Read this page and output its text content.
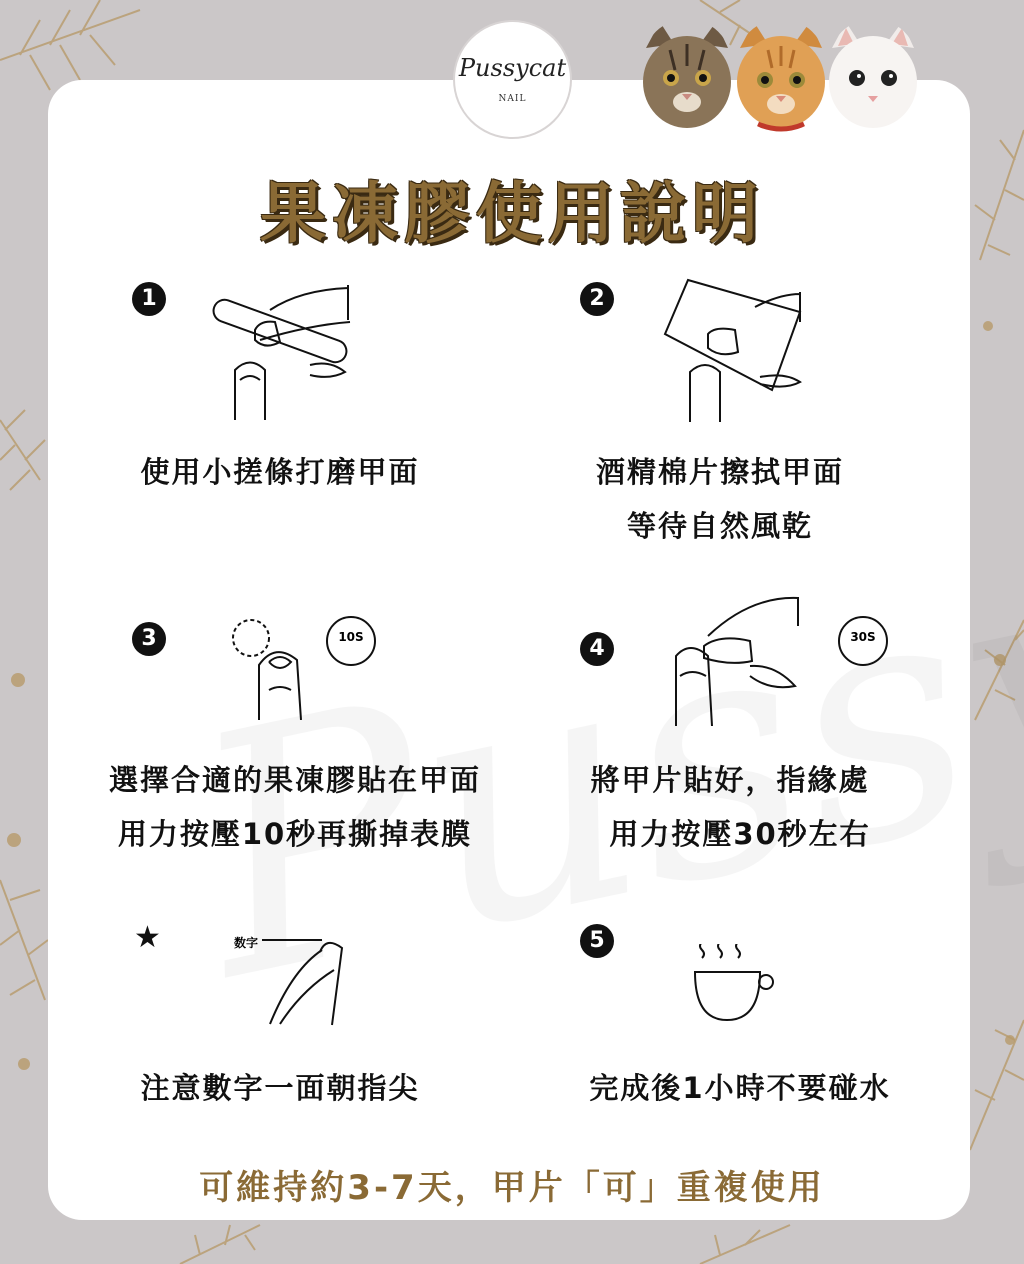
Pussycat
NAIL
果凍膠使用說明
1
使用小搓條打磨甲面
2
酒精棉片擦拭甲面
等待自然風乾
3	10S
選擇合適的果凍膠貼在甲面
用力按壓10秒再撕掉表膜
4	30S
將甲片貼好，指緣處
用力按壓30秒左右
★	数字
注意數字一面朝指尖
5
完成後1小時不要碰水
可維持約3-7天，甲片「可」重複使用
